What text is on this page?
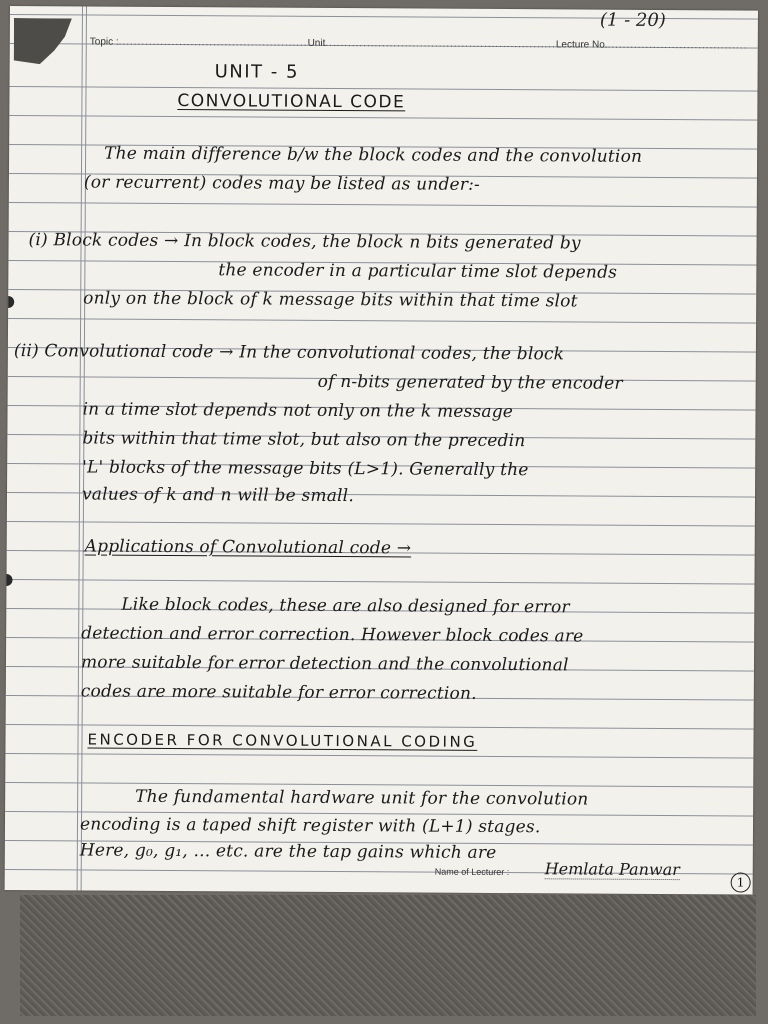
(1 - 20)
Topic :..................................................Unit.............................................................Lecture No......................................
UNIT - 5
CONVOLUTIONAL CODE
The main difference b/w the block codes and the convolution
(or recurrent) codes may be listed as under:-
(i) Block codes → In block codes, the block n bits generated by
the encoder in a particular time slot depends
only on the block of k message bits within that time slot
(ii) Convolutional code → In the convolutional codes, the block
of n-bits generated by the encoder
in a time slot depends not only on the k message
bits within that time slot, but also on the precedin
'L' blocks of the message bits (L>1). Generally the
values of k and n will be small.
Applications of Convolutional code →
Like block codes, these are also designed for error
detection and error correction. However block codes are
more suitable for error detection and the convolutional
codes are more suitable for error correction.
ENCODER FOR CONVOLUTIONAL CODING
The fundamental hardware unit for the convolution
encoding is a taped shift register with (L+1) stages.
Here, g₀, g₁, ... etc. are the tap gains which are
Name of Lecturer : Hemlata Panwar
1
